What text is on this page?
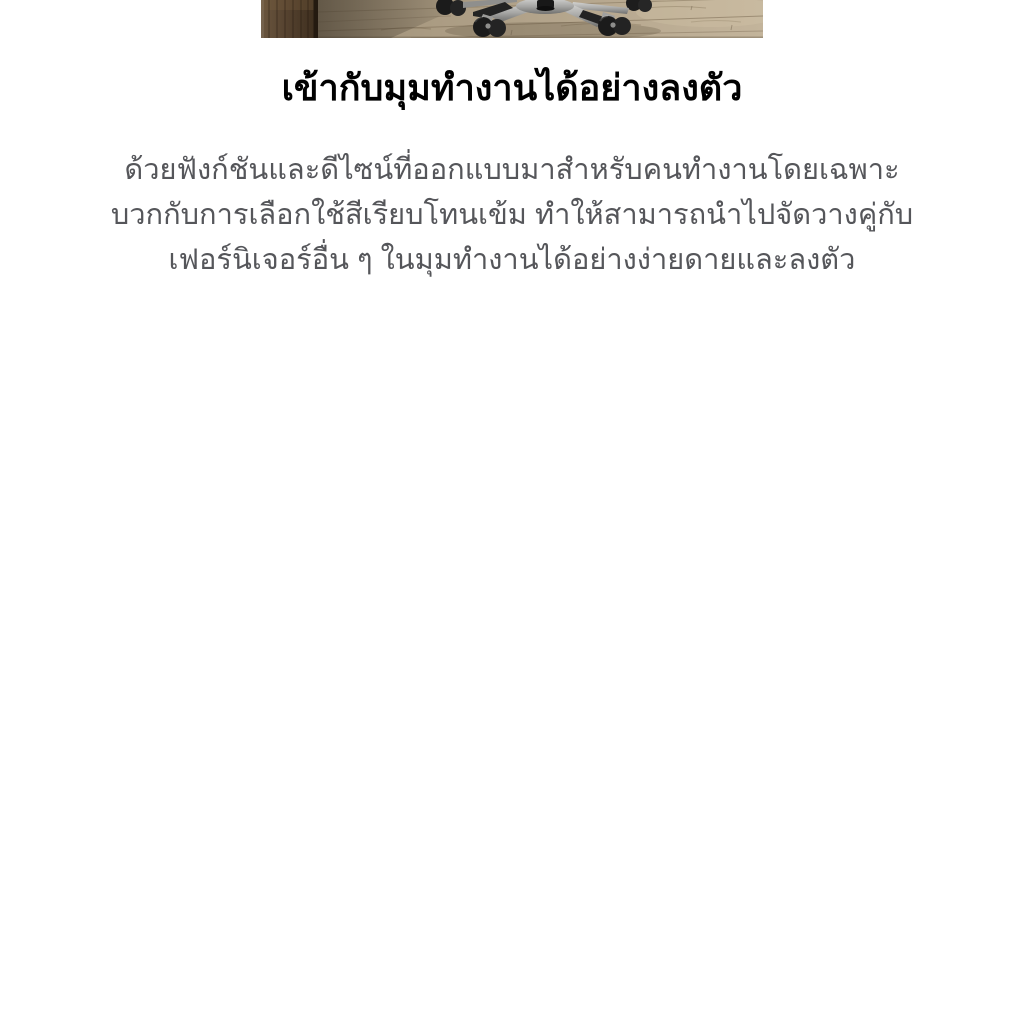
เข้ากับมุมทำงานได้อย่างลงตัว
ด้วยฟังก์ชันและดีไซน์ที่ออกแบบมาสำหรับคนทำงานโดยเฉพาะ
บวกกับการเลือกใช้สีเรียบโทนเข้ม ทำให้สามารถนำไปจัดวางคู่กับ
เฟอร์นิเจอร์อื่น ๆ ในมุมทำงานได้อย่างง่ายดายและลงตัว
